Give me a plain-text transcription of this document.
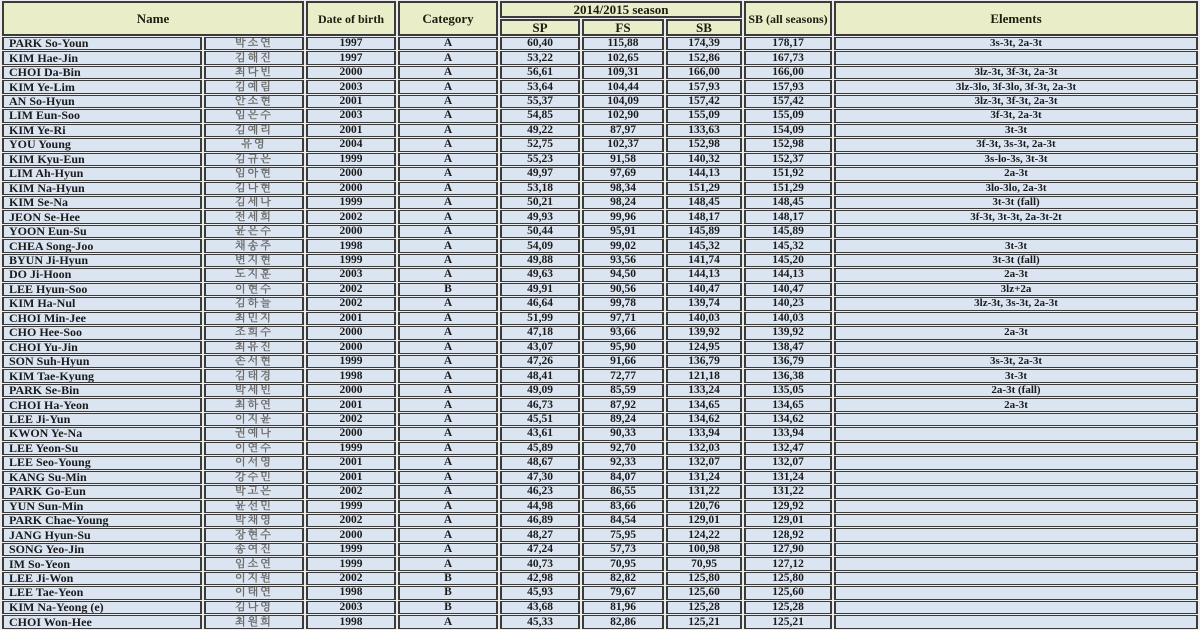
Name		Date of birth	Category	2014/2015 season			SB (all seasons)	Elements
				SP	FS	SB		
PARK So-Youn	박소연	1997	A	60,40	115,88	174,39	178,17	3s-3t, 2a-3t
KIM Hae-Jin	김해진	1997	A	53,22	102,65	152,86	167,73	
CHOI Da-Bin	최다빈	2000	A	56,61	109,31	166,00	166,00	3lz-3t, 3f-3t, 2a-3t
KIM Ye-Lim	김예림	2003	A	53,64	104,44	157,93	157,93	3lz-3lo, 3f-3lo, 3f-3t, 2a-3t
AN So-Hyun	안소현	2001	A	55,37	104,09	157,42	157,42	3lz-3t, 3f-3t, 2a-3t
LIM Eun-Soo	임은수	2003	A	54,85	102,90	155,09	155,09	3f-3t, 2a-3t
KIM Ye-Ri	김예리	2001	A	49,22	87,97	133,63	154,09	3t-3t
YOU Young	유영	2004	A	52,75	102,37	152,98	152,98	3f-3t, 3s-3t, 2a-3t
KIM Kyu-Eun	김규은	1999	A	55,23	91,58	140,32	152,37	3s-lo-3s, 3t-3t
LIM Ah-Hyun	임아현	2000	A	49,97	97,69	144,13	151,92	2a-3t
KIM Na-Hyun	김나현	2000	A	53,18	98,34	151,29	151,29	3lo-3lo, 2a-3t
KIM Se-Na	김세나	1999	A	50,21	98,24	148,45	148,45	3t-3t (fall)
JEON Se-Hee	전세희	2002	A	49,93	99,96	148,17	148,17	3f-3t, 3t-3t, 2a-3t-2t
YOON Eun-Su	윤은수	2000	A	50,44	95,91	145,89	145,89	
CHEA Song-Joo	채송주	1998	A	54,09	99,02	145,32	145,32	3t-3t
BYUN Ji-Hyun	변지현	1999	A	49,88	93,56	141,74	145,20	3t-3t (fall)
DO Ji-Hoon	도지훈	2003	A	49,63	94,50	144,13	144,13	2a-3t
LEE Hyun-Soo	이현수	2002	B	49,91	90,56	140,47	140,47	3lz+2a
KIM Ha-Nul	김하늘	2002	A	46,64	99,78	139,74	140,23	3lz-3t, 3s-3t, 2a-3t
CHOI Min-Jee	최민지	2001	A	51,99	97,71	140,03	140,03	
CHO Hee-Soo	조희수	2000	A	47,18	93,66	139,92	139,92	2a-3t
CHOI Yu-Jin	최유진	2000	A	43,07	95,90	124,95	138,47	
SON Suh-Hyun	손서현	1999	A	47,26	91,66	136,79	136,79	3s-3t, 2a-3t
KIM Tae-Kyung	김태경	1998	A	48,41	72,77	121,18	136,38	3t-3t
PARK Se-Bin	박세빈	2000	A	49,09	85,59	133,24	135,05	2a-3t (fall)
CHOI Ha-Yeon	최하연	2001	A	46,73	87,92	134,65	134,65	2a-3t
LEE Ji-Yun	이지윤	2002	A	45,51	89,24	134,62	134,62	
KWON Ye-Na	권예나	2000	A	43,61	90,33	133,94	133,94	
LEE Yeon-Su	이연수	1999	A	45,89	92,70	132,03	132,47	
LEE Seo-Young	이서영	2001	A	48,67	92,33	132,07	132,07	
KANG Su-Min	강수민	2001	A	47,30	84,07	131,24	131,24	
PARK Go-Eun	박고은	2002	A	46,23	86,55	131,22	131,22	
YUN Sun-Min	윤선민	1999	A	44,98	83,66	120,76	129,92	
PARK Chae-Young	박채영	2002	A	46,89	84,54	129,01	129,01	
JANG Hyun-Su	장현수	2000	A	48,27	75,95	124,22	128,92	
SONG Yeo-Jin	송여진	1999	A	47,24	57,73	100,98	127,90	
IM So-Yeon	임소연	1999	A	40,73	70,95	70,95	127,12	
LEE Ji-Won	이지원	2002	B	42,98	82,82	125,80	125,80	
LEE Tae-Yeon	이태연	1998	B	45,93	79,67	125,60	125,60	
KIM Na-Yeong (e)	김나영	2003	B	43,68	81,96	125,28	125,28	
CHOI Won-Hee	최원희	1998	A	45,33	82,86	125,21	125,21	
